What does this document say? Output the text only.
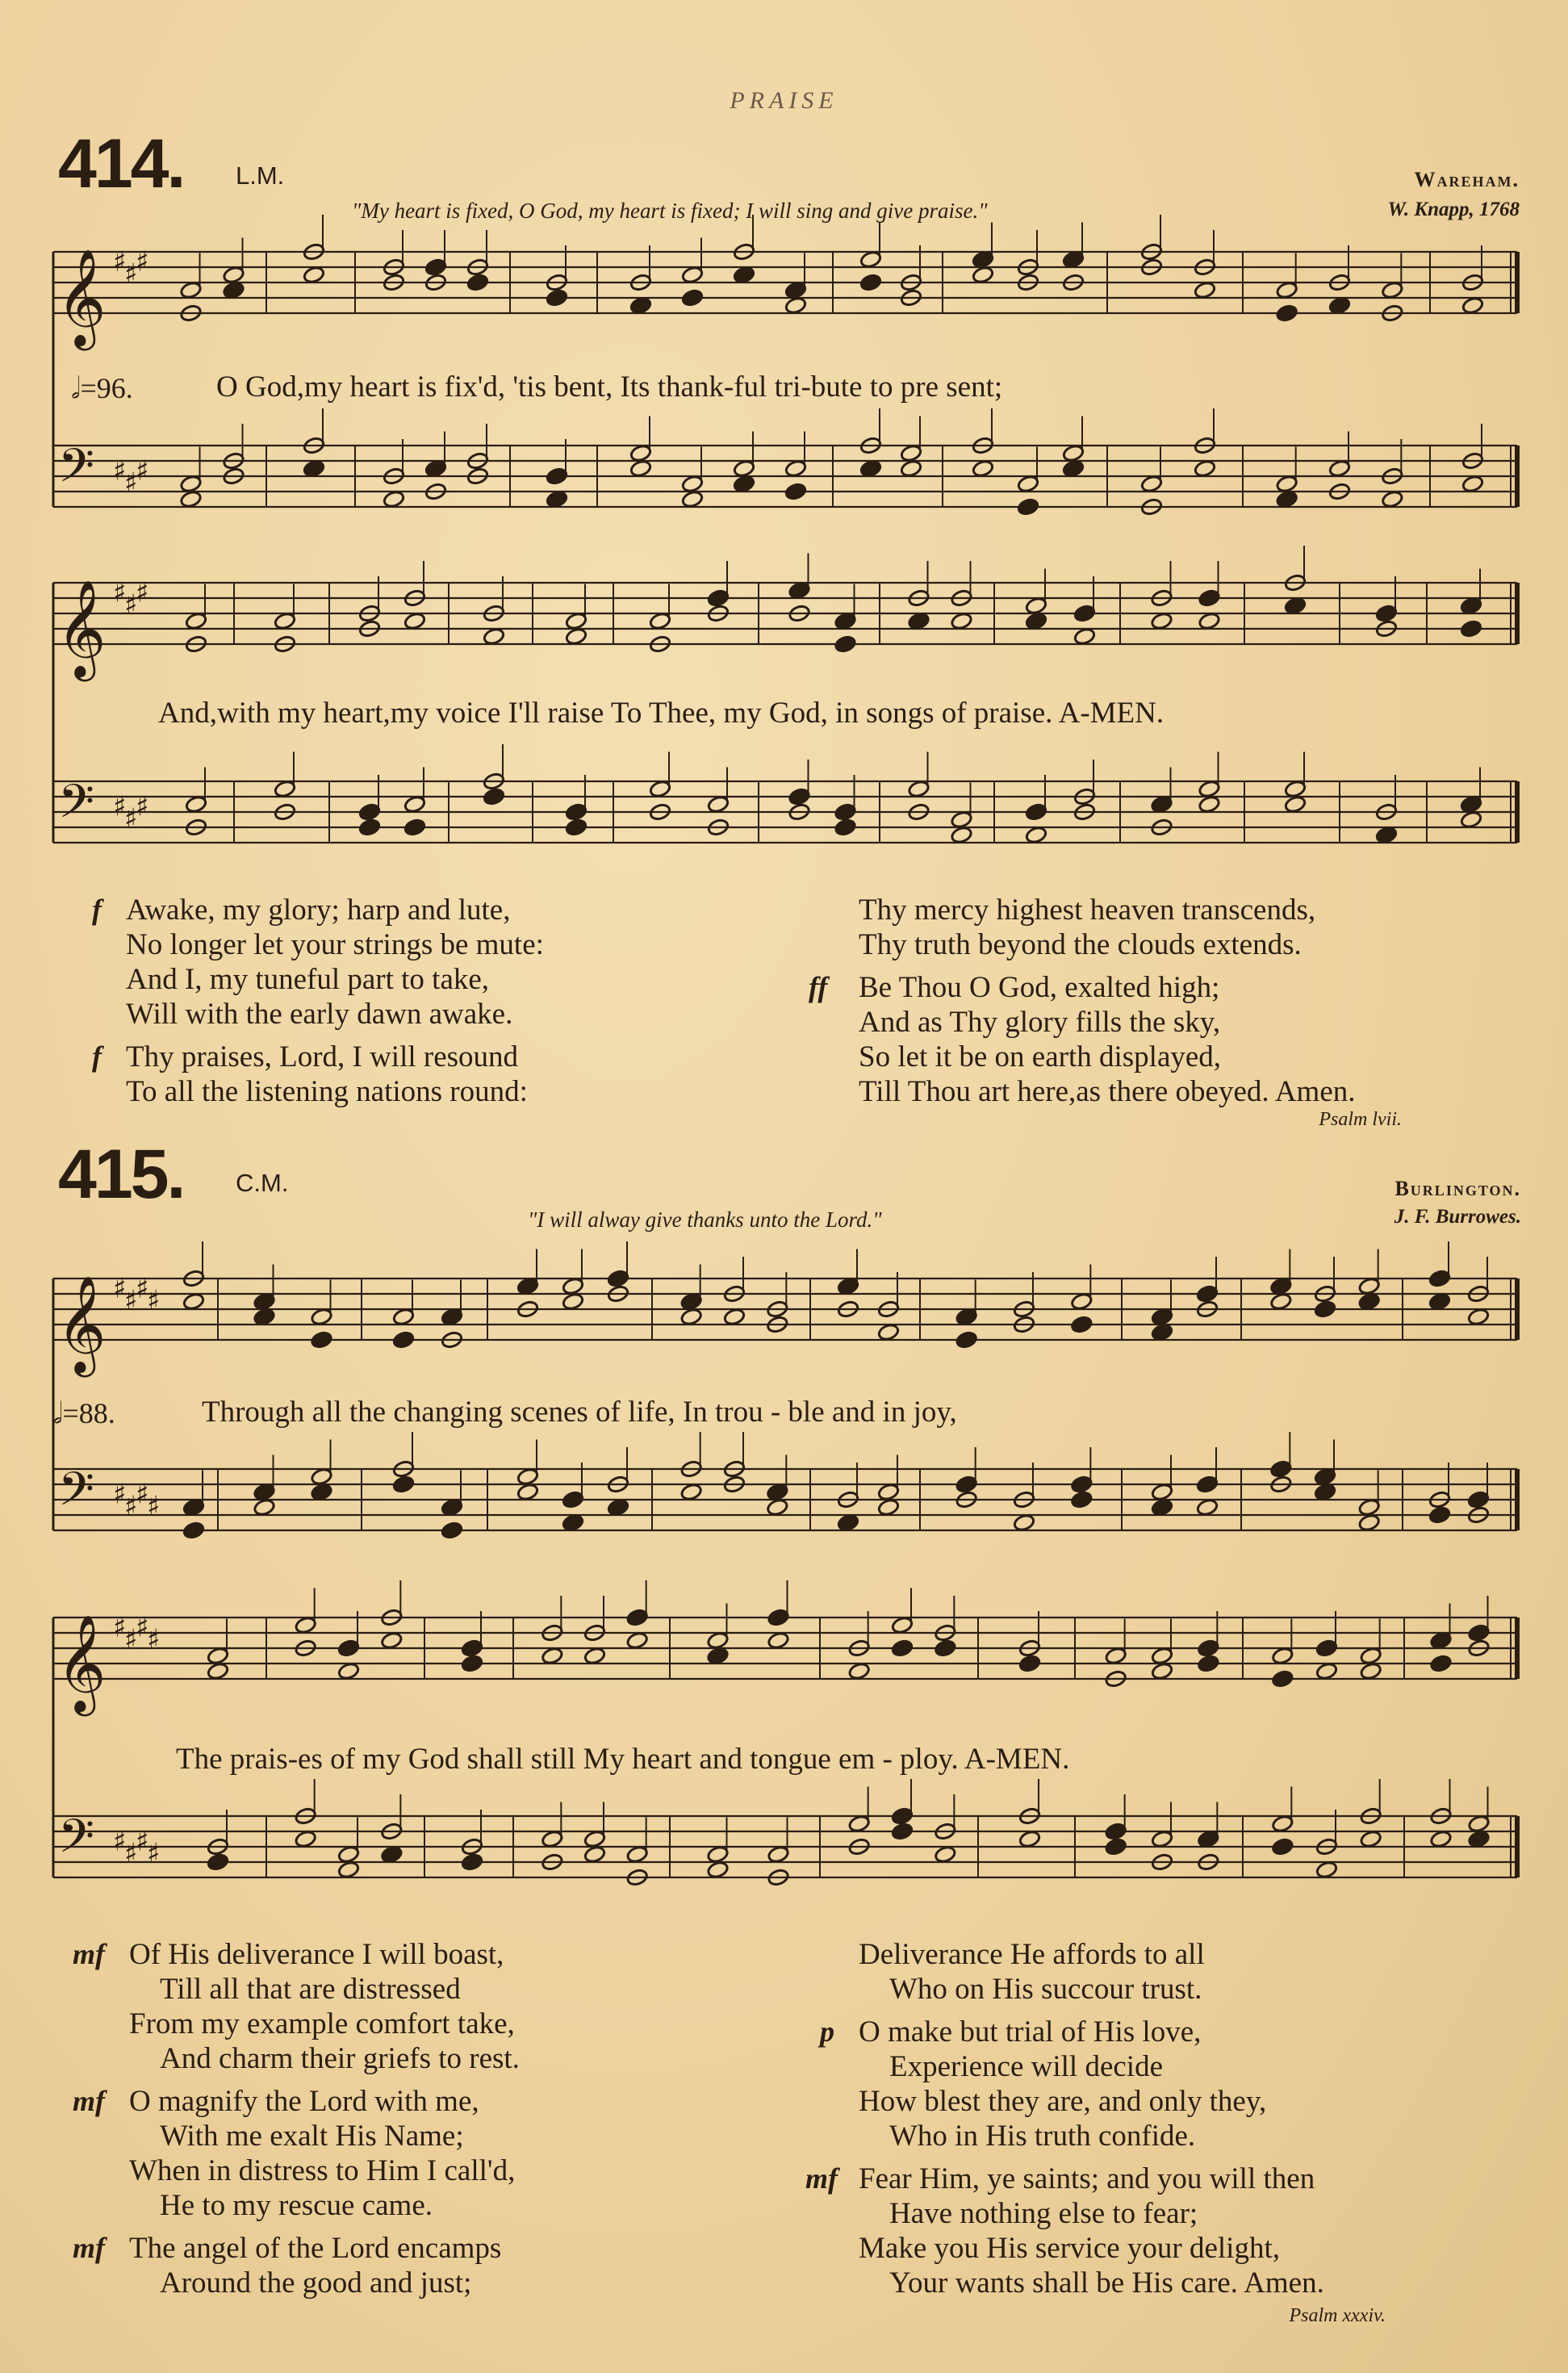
PRAISE
414. L.M.
"My heart is fixed, O God, my heart is fixed; I will sing and give praise."
Wareham.
W. Knapp, 1768
𝄞
𝄢
♯
♯
♯
♯
♯
♯
𝄞
𝄢
♯
♯
♯
♯
♯
♯
𝅗𝅥=96.	O God,my heart is fix'd, 'tis bent, Its thank-ful tri-bute to pre sent;
And,with my heart,my voice I'll raise To Thee, my God, in songs of praise. A-MEN.
f Awake, my glory; harp and lute,
No longer let your strings be mute:
And I, my tuneful part to take,
Will with the early dawn awake.
f Thy praises, Lord, I will resound
To all the listening nations round:
Thy mercy highest heaven transcends,
Thy truth beyond the clouds extends.
ff Be Thou O God, exalted high;
And as Thy glory fills the sky,
So let it be on earth displayed,
Till Thou art here,as there obeyed. Amen.
Psalm lvii.
415. C.M.
"I will alway give thanks unto the Lord."
Burlington.
J. F. Burrowes.
𝄞
𝄢
♯
♯
♯
♯
♯
♯
♯
♯
𝄞
𝄢
♯
♯
♯
♯
♯
♯
♯
♯
𝅗𝅥=88.	Through all the changing scenes of life, In trou - ble and in joy,
The prais-es of my God shall still My heart and tongue em - ploy. A-MEN.
mf Of His deliverance I will boast,
Till all that are distressed
From my example comfort take,
And charm their griefs to rest.
mf O magnify the Lord with me,
With me exalt His Name;
When in distress to Him I call'd,
He to my rescue came.
mf The angel of the Lord encamps
Around the good and just;
Deliverance He affords to all
Who on His succour trust.
p O make but trial of His love,
Experience will decide
How blest they are, and only they,
Who in His truth confide.
mf Fear Him, ye saints; and you will then
Have nothing else to fear;
Make you His service your delight,
Your wants shall be His care. Amen.
Psalm xxxiv.
